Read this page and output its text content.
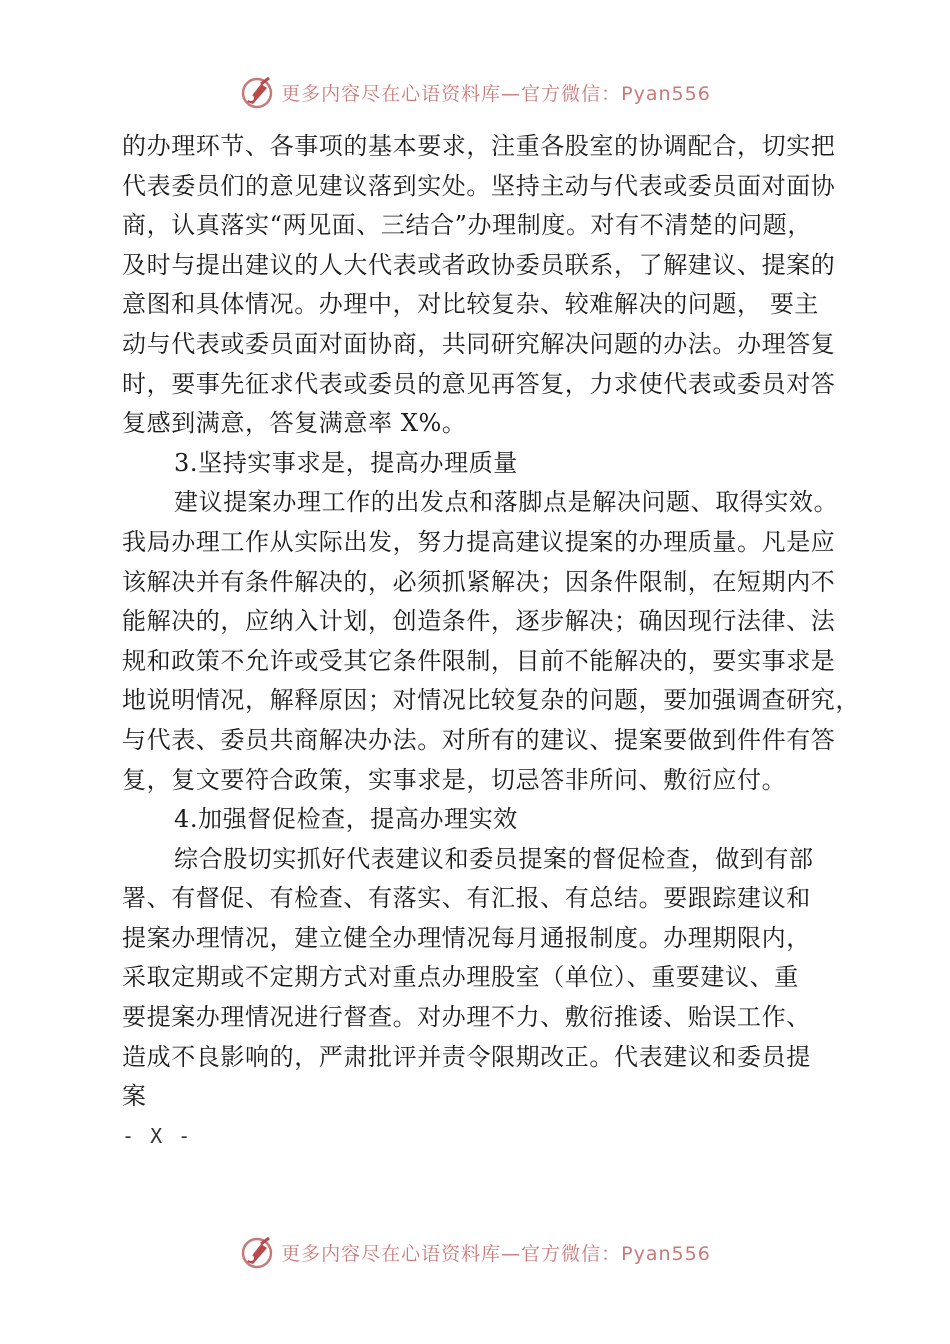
更多内容尽在心语资料库—官方微信：Pyan556
的办理环节、各事项的基本要求，注重各股室的协调配合，切实把
代表委员们的意见建议落到实处。坚持主动与代表或委员面对面协
商，认真落实“两见面、三结合”办理制度。对有不清楚的问题，
及时与提出建议的人大代表或者政协委员联系，了解建议、提案的
意图和具体情况。办理中，对比较复杂、较难解决的问题， 要主
动与代表或委员面对面协商，共同研究解决问题的办法。办理答复
时，要事先征求代表或委员的意见再答复，力求使代表或委员对答
复感到满意，答复满意率 X%。
3.坚持实事求是，提高办理质量
建议提案办理工作的出发点和落脚点是解决问题、取得实效。
我局办理工作从实际出发，努力提高建议提案的办理质量。凡是应
该解决并有条件解决的，必须抓紧解决；因条件限制，在短期内不
能解决的，应纳入计划，创造条件，逐步解决；确因现行法律、法
规和政策不允许或受其它条件限制，目前不能解决的，要实事求是
地说明情况，解释原因；对情况比较复杂的问题，要加强调查研究，
与代表、委员共商解决办法。对所有的建议、提案要做到件件有答
复，复文要符合政策，实事求是，切忌答非所问、敷衍应付。
4.加强督促检查，提高办理实效
综合股切实抓好代表建议和委员提案的督促检查，做到有部
署、有督促、有检查、有落实、有汇报、有总结。要跟踪建议和
提案办理情况，建立健全办理情况每月通报制度。办理期限内，
采取定期或不定期方式对重点办理股室（单位）、重要建议、重
要提案办理情况进行督查。对办理不力、敷衍推诿、贻误工作、
造成不良影响的，严肃批评并责令限期改正。代表建议和委员提
案
- X -
更多内容尽在心语资料库—官方微信：Pyan556
